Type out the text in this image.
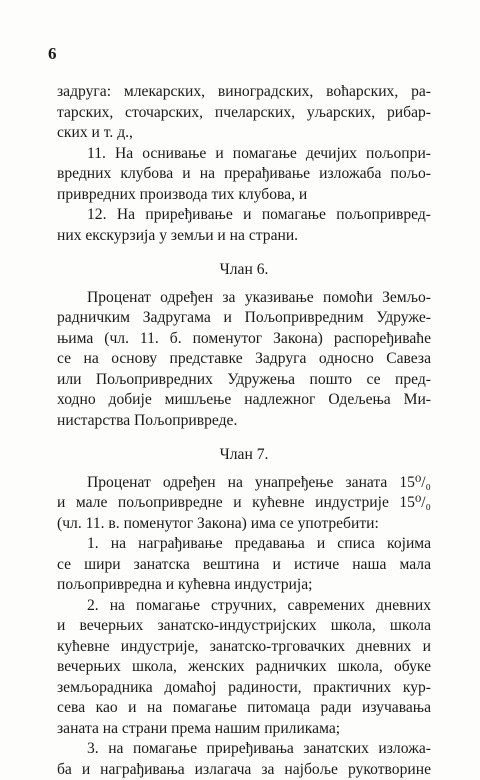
6
задруга: млекарских, виноградских, воћарских, ра-
тарских, сточарских, пчеларских, уљарских, рибар-
ских и т. д.,
11. На оснивање и помагање дечијих пољопри-
вредних клубова и на прерађивање изложаба пољо-
привредних производа тих клубова, и
12. На приређивање и помагање пољопривред-
них екскурзија у земљи и на страни.
Члан 6.
Проценат одређен за указивање помоћи Земљо-
радничким Задругама и Пољопривредним Удруже-
њима (чл. 11. б. поменутог Закона) распоређиваће
се на основу представке Задруга односно Савеза
или Пољопривредних Удружења пошто се пред-
ходно добије мишљење надлежног Одељења Ми-
нистарства Пољопривреде.
Члан 7.
Проценат одређен на унапређење заната 15⁰/₀
и мале пољопривредне и кућевне индустрије 15⁰/₀
(чл. 11. в. поменутог Закона) има се употребити:
1. на награђивање предавања и списа којима
се шири занатска вештина и истиче наша мала
пољопривредна и кућевна индустрија;
2. на помагање стручних, савремених дневних
и вечерњих занатско-индустријских школа, школа
кућевне индустрије, занатско-трговачких дневних и
вечерњих школа, женских радничких школа, обуке
земљорадника домаћој радиности, практичних кур-
сева као и на помагање питомаца ради изучавања
заната на страни према нашим приликама;
3. на помагање приређивања занатских изложа-
ба и награђивања излагача за најбоље рукотворине
